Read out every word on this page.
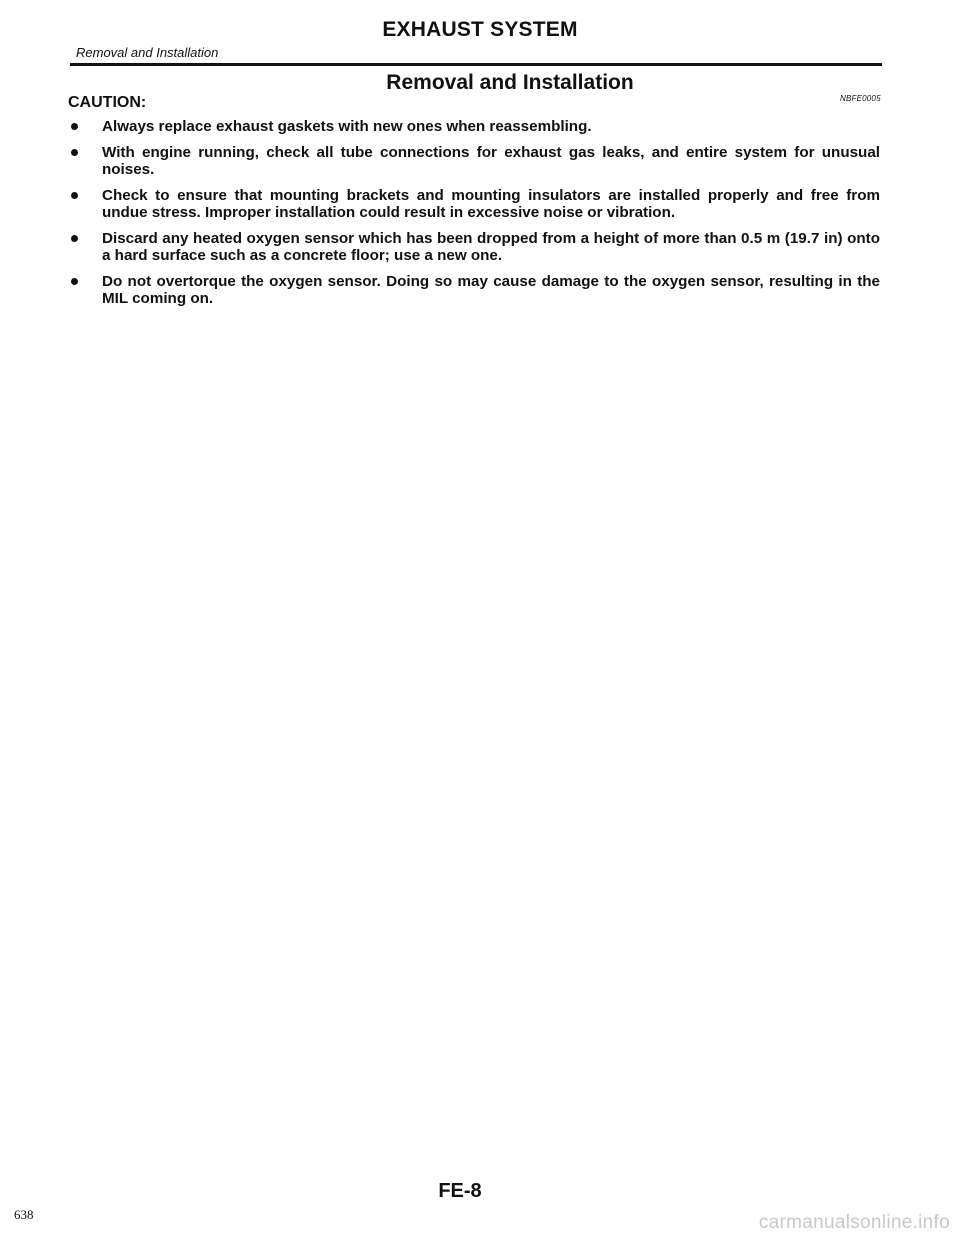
EXHAUST SYSTEM

Removal and Installation

Removal and Installation
NBFE0005

CAUTION:

Always replace exhaust gaskets with new ones when reassembling.
With engine running, check all tube connections for exhaust gas leaks, and entire system for unusual noises.
Check to ensure that mounting brackets and mounting insulators are installed properly and free from undue stress. Improper installation could result in excessive noise or vibration.
Discard any heated oxygen sensor which has been dropped from a height of more than 0.5 m (19.7 in) onto a hard surface such as a concrete floor; use a new one.
Do not overtorque the oxygen sensor. Doing so may cause damage to the oxygen sensor, resulting in the MIL coming on.

FE-8

638	carmanualsonline.info
